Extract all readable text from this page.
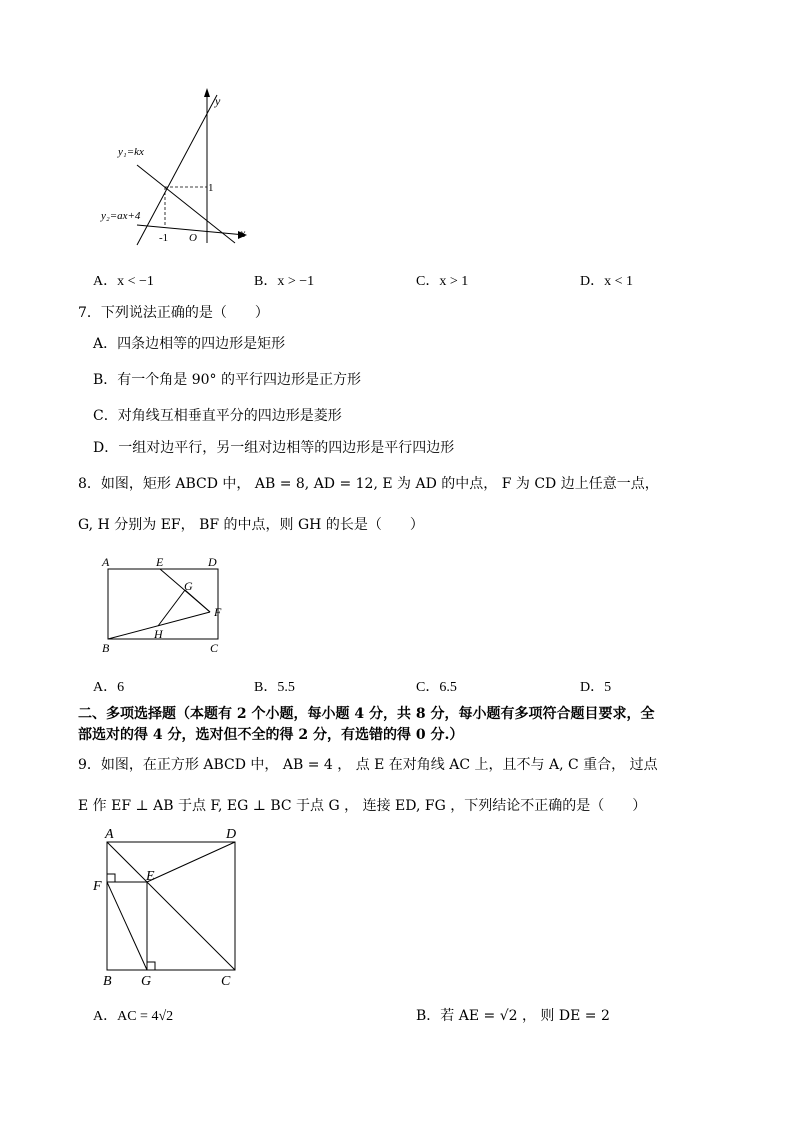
y
x
y₁=kx
y₂=ax+4
1
-1 O
A．x < −1	B．x > −1	C．x > 1	D．x < 1
7．下列说法正确的是（　　）
A．四条边相等的四边形是矩形
B．有一个角是 90° 的平行四边形是正方形
C．对角线互相垂直平分的四边形是菱形
D．一组对边平行，另一组对边相等的四边形是平行四边形
8．如图，矩形 ABCD 中， AB = 8, AD = 12, E 为 AD 的中点， F 为 CD 边上任意一点，
G, H 分别为 EF， BF 的中点，则 GH 的长是（　　）
A	E	D
G
F
H
B	C
A．6	B．5.5	C．6.5	D．5
二、多项选择题（本题有 2 个小题，每小题 4 分，共 8 分，每小题有多项符合题目要求，全
部选对的得 4 分，选对但不全的得 2 分，有选错的得 0 分.）
9．如图，在正方形 ABCD 中， AB = 4 ， 点 E 在对角线 AC 上，且不与 A, C 重合， 过点
E 作 EF ⊥ AB 于点 F, EG ⊥ BC 于点 G ， 连接 ED, FG ，下列结论不正确的是（　　）
A	D
F
E
B G	C
A．AC = 4√2	B．若 AE = √2 ， 则 DE = 2
